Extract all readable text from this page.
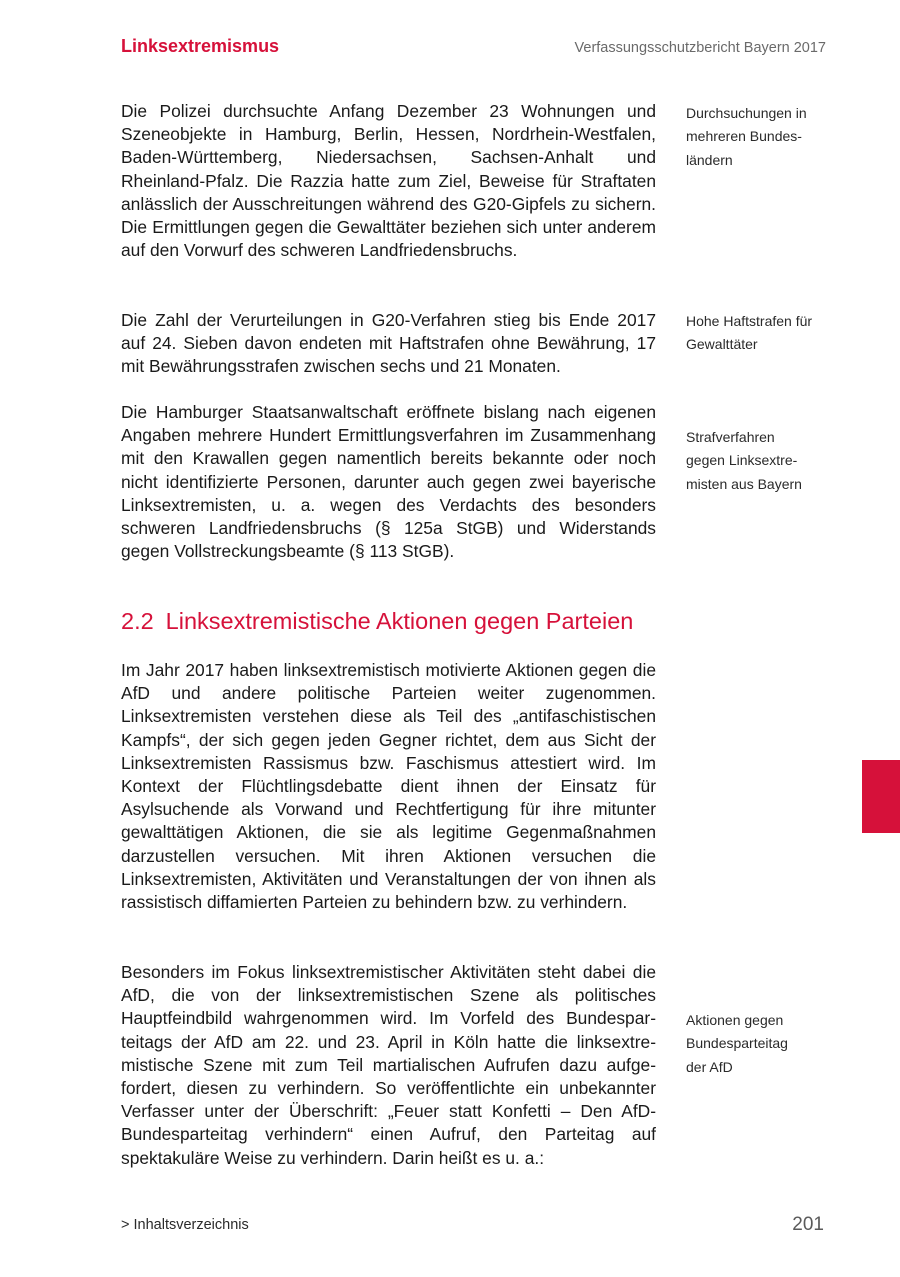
Linksextremismus	Verfassungsschutzbericht Bayern 2017

Die Polizei durchsuchte Anfang Dezember 23 Wohnungen und Szeneobjekte in Hamburg, Berlin, Hessen, Nordrhein-Westfalen, Baden-Württemberg, Niedersachsen, Sachsen-Anhalt und Rheinland-Pfalz. Die Razzia hatte zum Ziel, Beweise für Straftaten anlässlich der Ausschreitungen während des G20-Gipfels zu sichern. Die Ermittlungen gegen die Gewalttäter beziehen sich unter anderem auf den Vorwurf des schweren Landfriedensbruchs.

Die Zahl der Verurteilungen in G20-Verfahren stieg bis Ende 2017 auf 24. Sieben davon endeten mit Haftstrafen ohne Bewährung, 17 mit Bewährungsstrafen zwischen sechs und 21 Monaten.

Die Hamburger Staatsanwaltschaft eröffnete bislang nach eigenen Angaben mehrere Hundert Ermittlungsverfahren im Zusammenhang mit den Krawallen gegen namentlich bereits bekannte oder noch nicht identifizierte Personen, darunter auch gegen zwei bayerische Linksextremisten, u. a. wegen des Verdachts des besonders schweren Landfriedensbruchs (§ 125a StGB) und Widerstands gegen Vollstreckungsbeamte (§ 113 StGB).

2.2 Linksextremistische Aktionen gegen Parteien

Im Jahr 2017 haben linksextremistisch motivierte Aktionen gegen die AfD und andere politische Parteien weiter zugenommen. Linksextremisten verstehen diese als Teil des „antifaschistischen Kampfs“, der sich gegen jeden Gegner richtet, dem aus Sicht der Linksextremisten Rassismus bzw. Faschismus attestiert wird. Im Kontext der Flüchtlingsdebatte dient ihnen der Einsatz für Asylsuchende als Vorwand und Rechtfertigung für ihre mitunter gewalttätigen Aktionen, die sie als legitime Gegenmaßnahmen darzustellen versuchen. Mit ihren Aktionen versuchen die Linksextremisten, Aktivitäten und Veranstaltungen der von ihnen als rassistisch diffamierten Parteien zu behindern bzw. zu verhindern.

Besonders im Fokus linksextremistischer Aktivitäten steht dabei die AfD, die von der linksextremistischen Szene als politisches Hauptfeindbild wahrgenommen wird. Im Vorfeld des Bundesparteitags der AfD am 22. und 23. April in Köln hatte die linksextremistische Szene mit zum Teil martialischen Aufrufen dazu aufgefordert, diesen zu verhindern. So veröffentlichte ein unbekannter Verfasser unter der Überschrift: „Feuer statt Konfetti – Den AfD-Bundesparteitag verhindern“ einen Aufruf, den Parteitag auf spektakuläre Weise zu verhindern. Darin heißt es u. a.:

Durchsuchungen in
mehreren Bundes-
ländern
Hohe Haftstrafen für
Gewalttäter
Strafverfahren
gegen Linksextre-
misten aus Bayern
Aktionen gegen
Bundesparteitag
der AfD
> Inhaltsverzeichnis	201
